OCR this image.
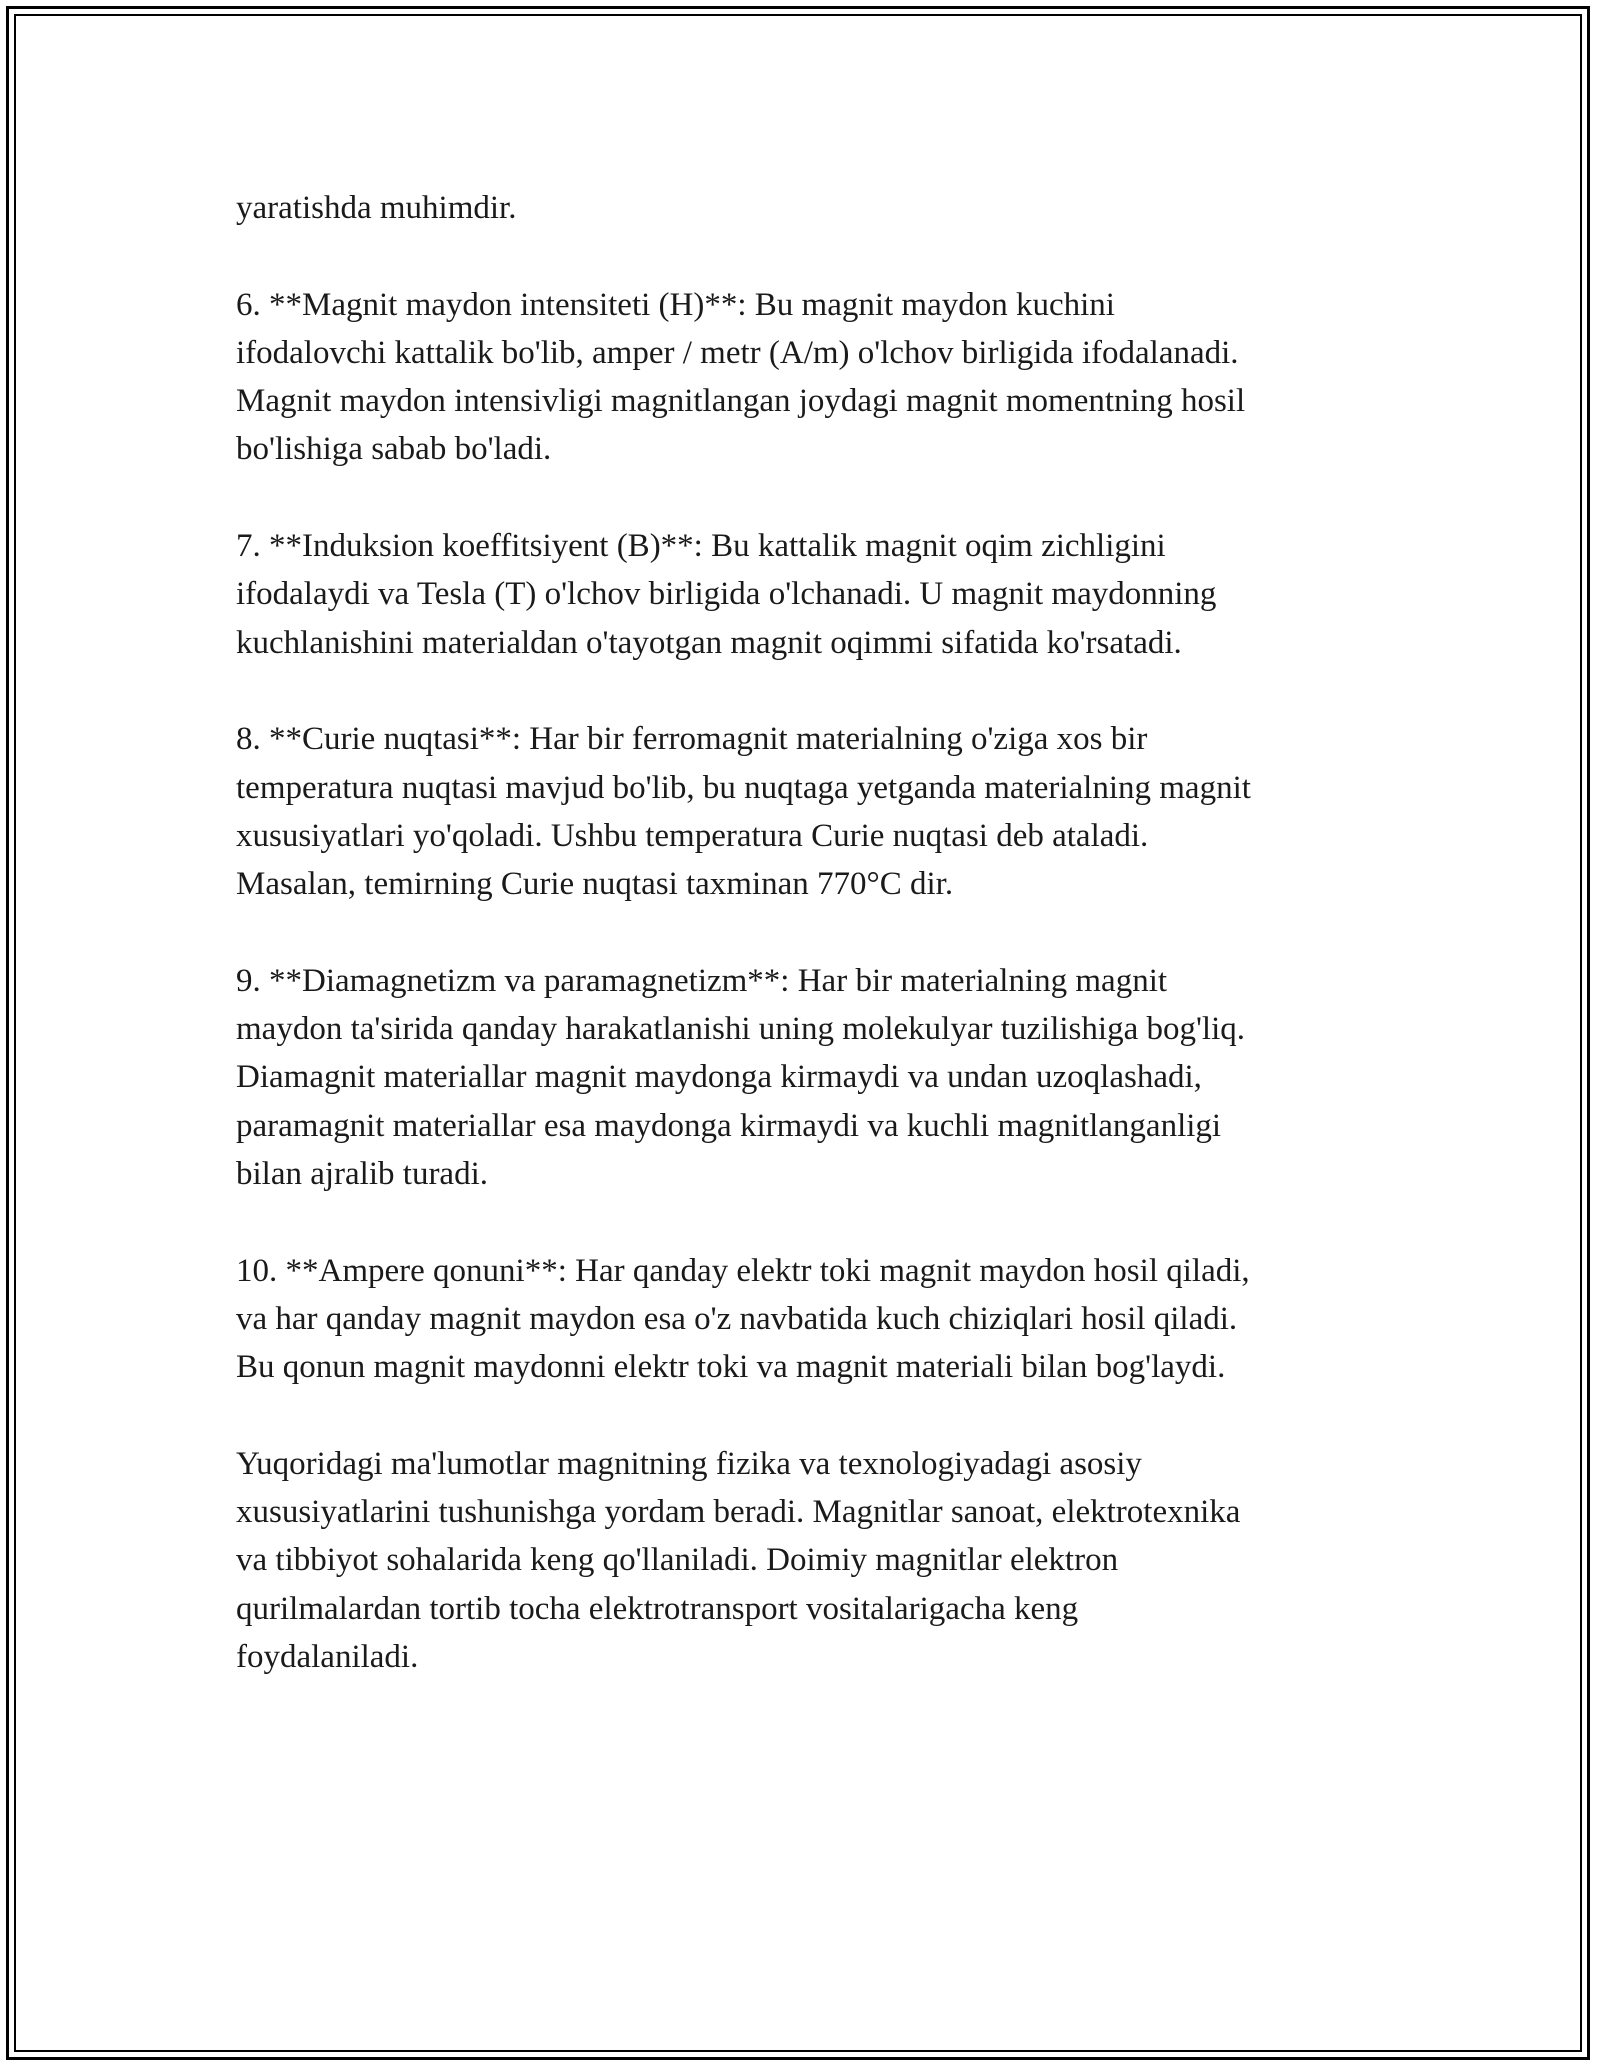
yaratishda muhimdir.

6. **Magnit maydon intensiteti (H)**: Bu magnit maydon kuchini
ifodalovchi kattalik bo'lib, amper / metr (A/m) o'lchov birligida ifodalanadi.
Magnit maydon intensivligi magnitlangan joydagi magnit momentning hosil
bo'lishiga sabab bo'ladi.

7. **Induksion koeffitsiyent (B)**: Bu kattalik magnit oqim zichligini
ifodalaydi va Tesla (T) o'lchov birligida o'lchanadi. U magnit maydonning
kuchlanishini materialdan o'tayotgan magnit oqimmi sifatida ko'rsatadi.

8. **Curie nuqtasi**: Har bir ferromagnit materialning o'ziga xos bir
temperatura nuqtasi mavjud bo'lib, bu nuqtaga yetganda materialning magnit
xususiyatlari yo'qoladi. Ushbu temperatura Curie nuqtasi deb ataladi.
Masalan, temirning Curie nuqtasi taxminan 770°C dir.

9. **Diamagnetizm va paramagnetizm**: Har bir materialning magnit
maydon ta'sirida qanday harakatlanishi uning molekulyar tuzilishiga bog'liq.
Diamagnit materiallar magnit maydonga kirmaydi va undan uzoqlashadi,
paramagnit materiallar esa maydonga kirmaydi va kuchli magnitlanganligi
bilan ajralib turadi.

10. **Ampere qonuni**: Har qanday elektr toki magnit maydon hosil qiladi,
va har qanday magnit maydon esa o'z navbatida kuch chiziqlari hosil qiladi.
Bu qonun magnit maydonni elektr toki va magnit materiali bilan bog'laydi.

Yuqoridagi ma'lumotlar magnitning fizika va texnologiyadagi asosiy
xususiyatlarini tushunishga yordam beradi. Magnitlar sanoat, elektrotexnika
va tibbiyot sohalarida keng qo'llaniladi. Doimiy magnitlar elektron
qurilmalardan tortib tocha elektrotransport vositalarigacha keng
foydalaniladi.
